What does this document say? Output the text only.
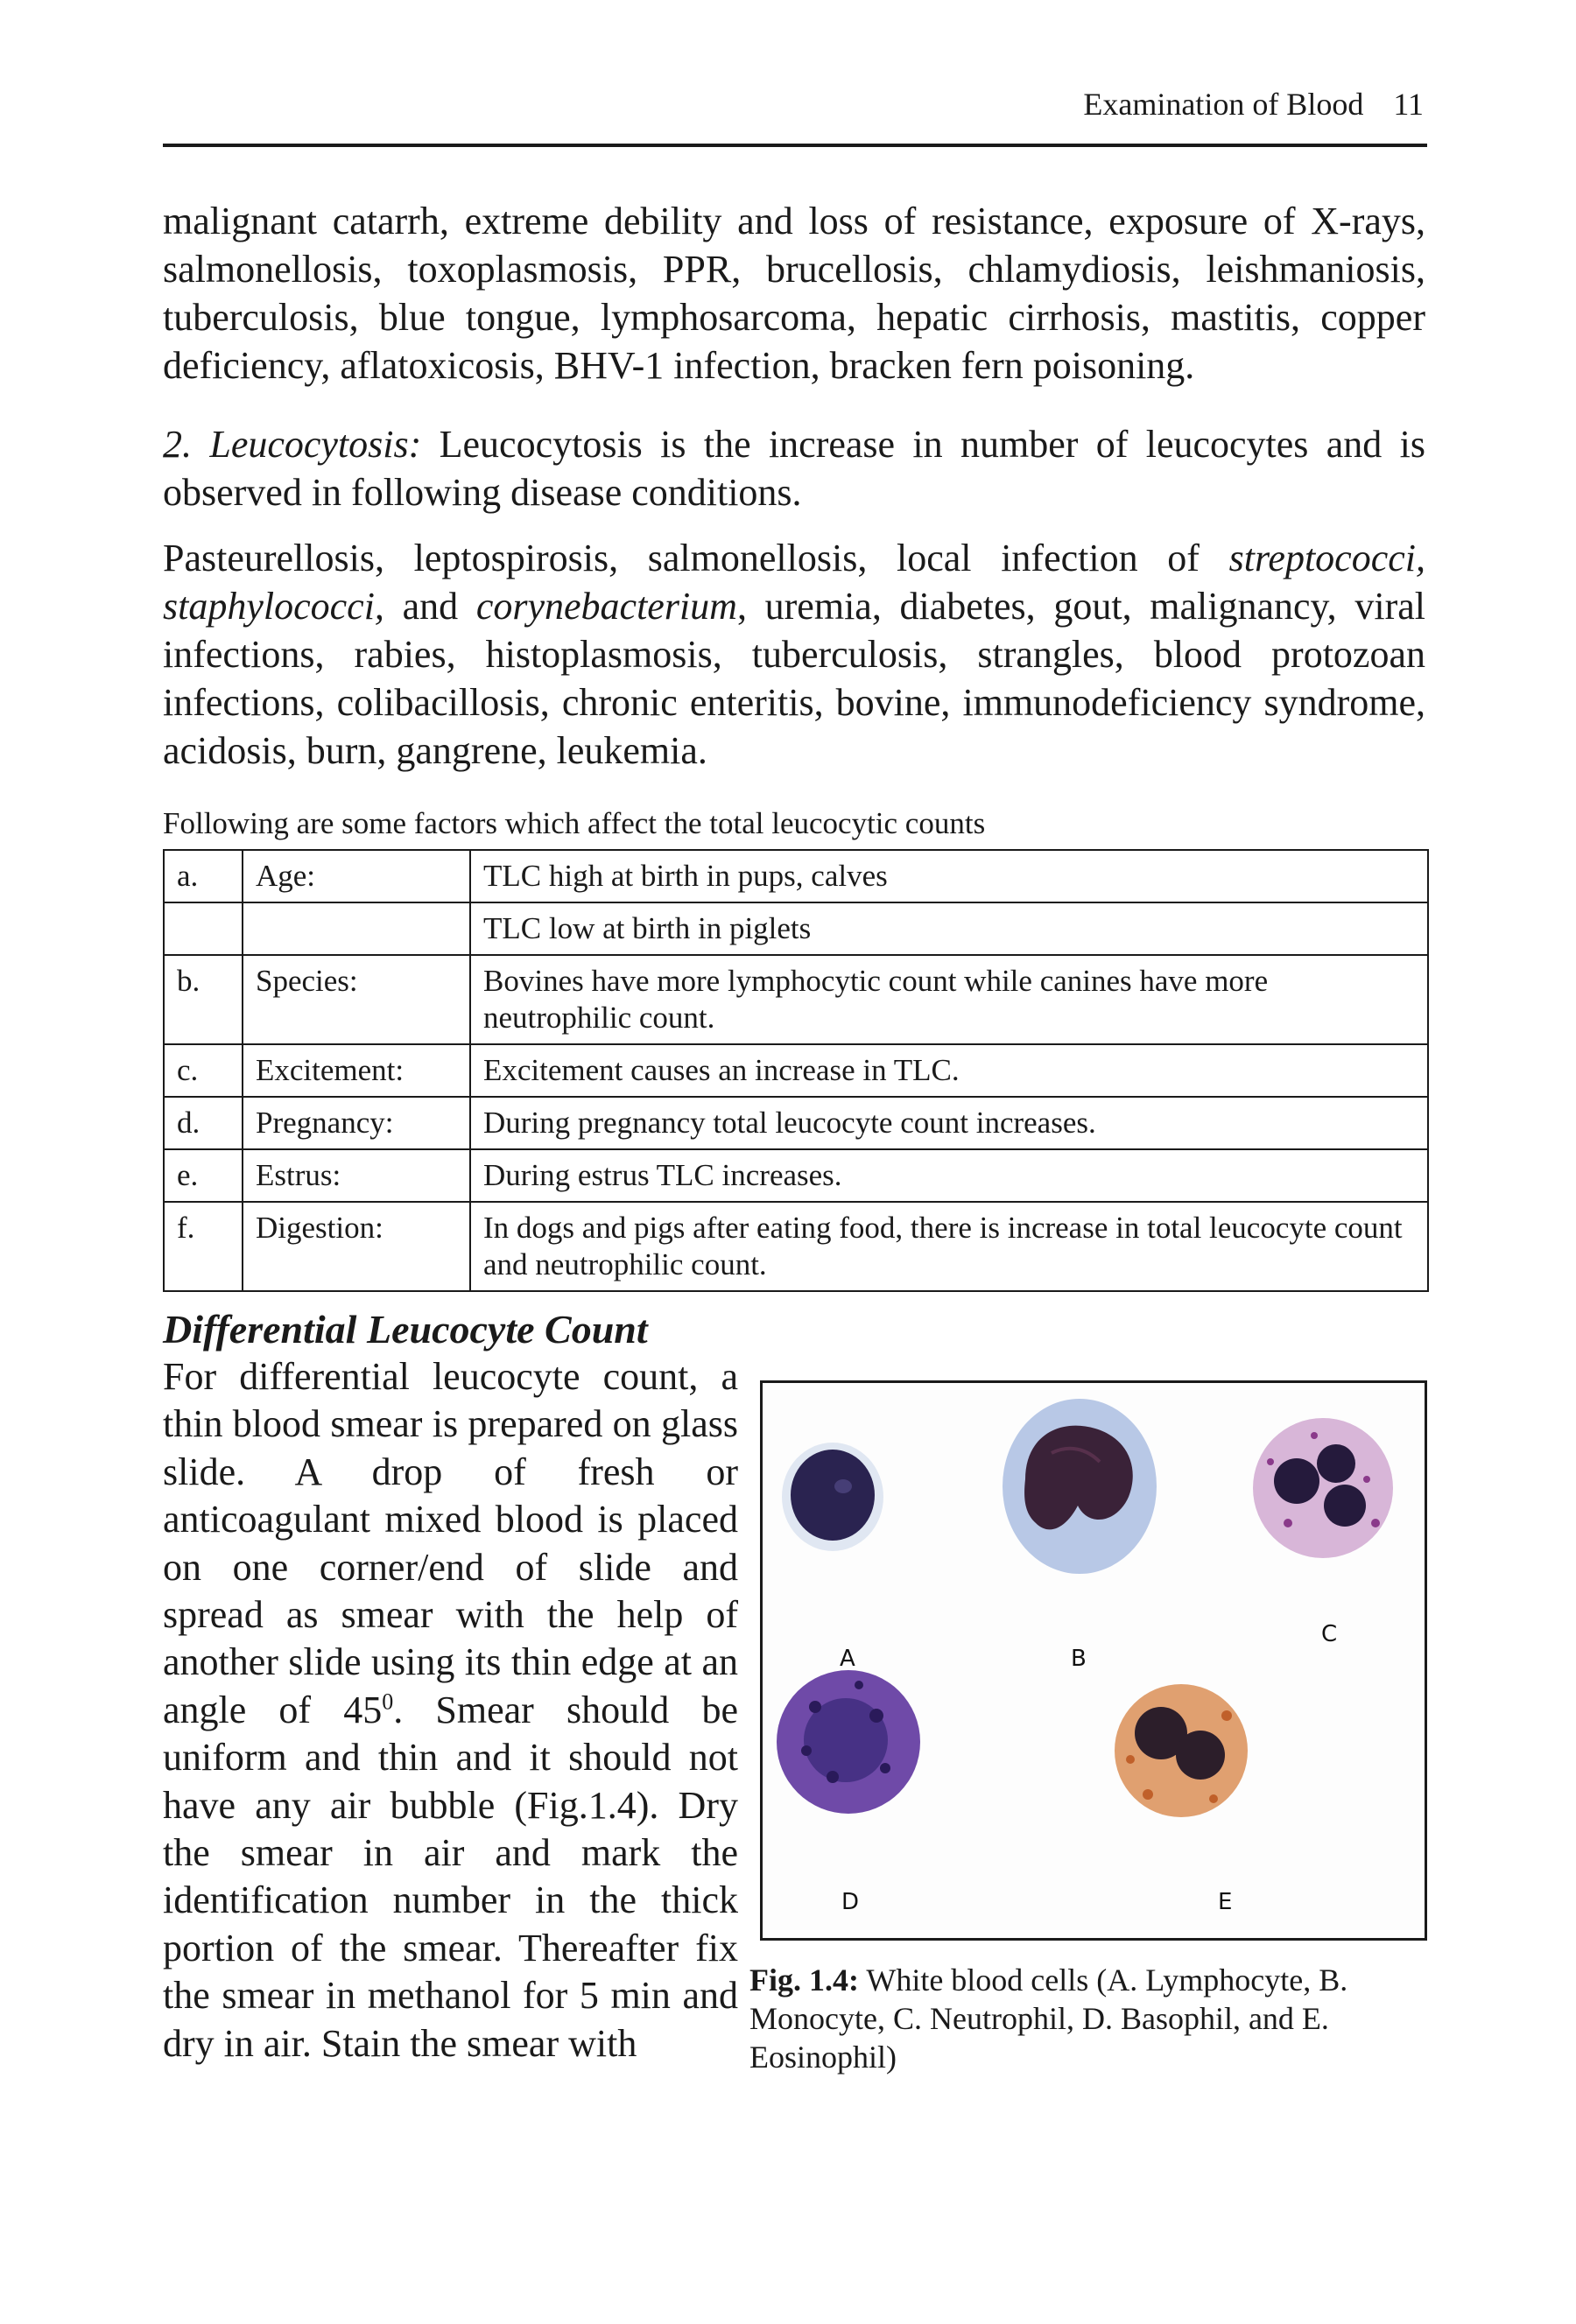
Examination of Blood 11

malignant catarrh, extreme debility and loss of resistance, exposure of X-rays, salmonellosis, toxoplasmosis, PPR, brucellosis, chlamydiosis, leishmaniosis, tuberculosis, blue tongue, lymphosarcoma, hepatic cirrhosis, mastitis, copper deficiency, aflatoxicosis, BHV-1 infection, bracken fern poisoning.

2. Leucocytosis: Leucocytosis is the increase in number of leucocytes and is observed in following disease conditions.

Pasteurellosis, leptospirosis, salmonellosis, local infection of streptococci, staphylococci, and corynebacterium, uremia, diabetes, gout, malignancy, viral infections, rabies, histoplasmosis, tuberculosis, strangles, blood protozoan infections, colibacillosis, chronic enteritis, bovine, immunodeficiency syndrome, acidosis, burn, gangrene, leukemia.

Following are some factors which affect the total leucocytic counts
a.	Age:	TLC high at birth in pups, calves
		TLC low at birth in piglets
b.	Species:	Bovines have more lymphocytic count while canines have more neutrophilic count.
c.	Excitement:	Excitement causes an increase in TLC.
d.	Pregnancy:	During pregnancy total leucocyte count increases.
e.	Estrus:	During estrus TLC increases.
f.	Digestion:	In dogs and pigs after eating food, there is increase in total leucocyte count and neutrophilic count.
Differential Leucocyte Count

For differential leucocyte count, a thin blood smear is prepared on glass slide. A drop of fresh or anticoagulant mixed blood is placed on one corner/end of slide and spread as smear with the help of another slide using its thin edge at an angle of $45^0$. Smear should be uniform and thin and it should not have any air bubble (Fig.1.4). Dry the smear in air and mark the identification number in the thick portion of the smear. Thereafter fix the smear in methanol for 5 min and dry in air. Stain the smear with

A	B
C
D	E

Fig. 1.4: White blood cells (A. Lymphocyte, B. Monocyte, C. Neutrophil, D. Basophil, and E. Eosinophil)
